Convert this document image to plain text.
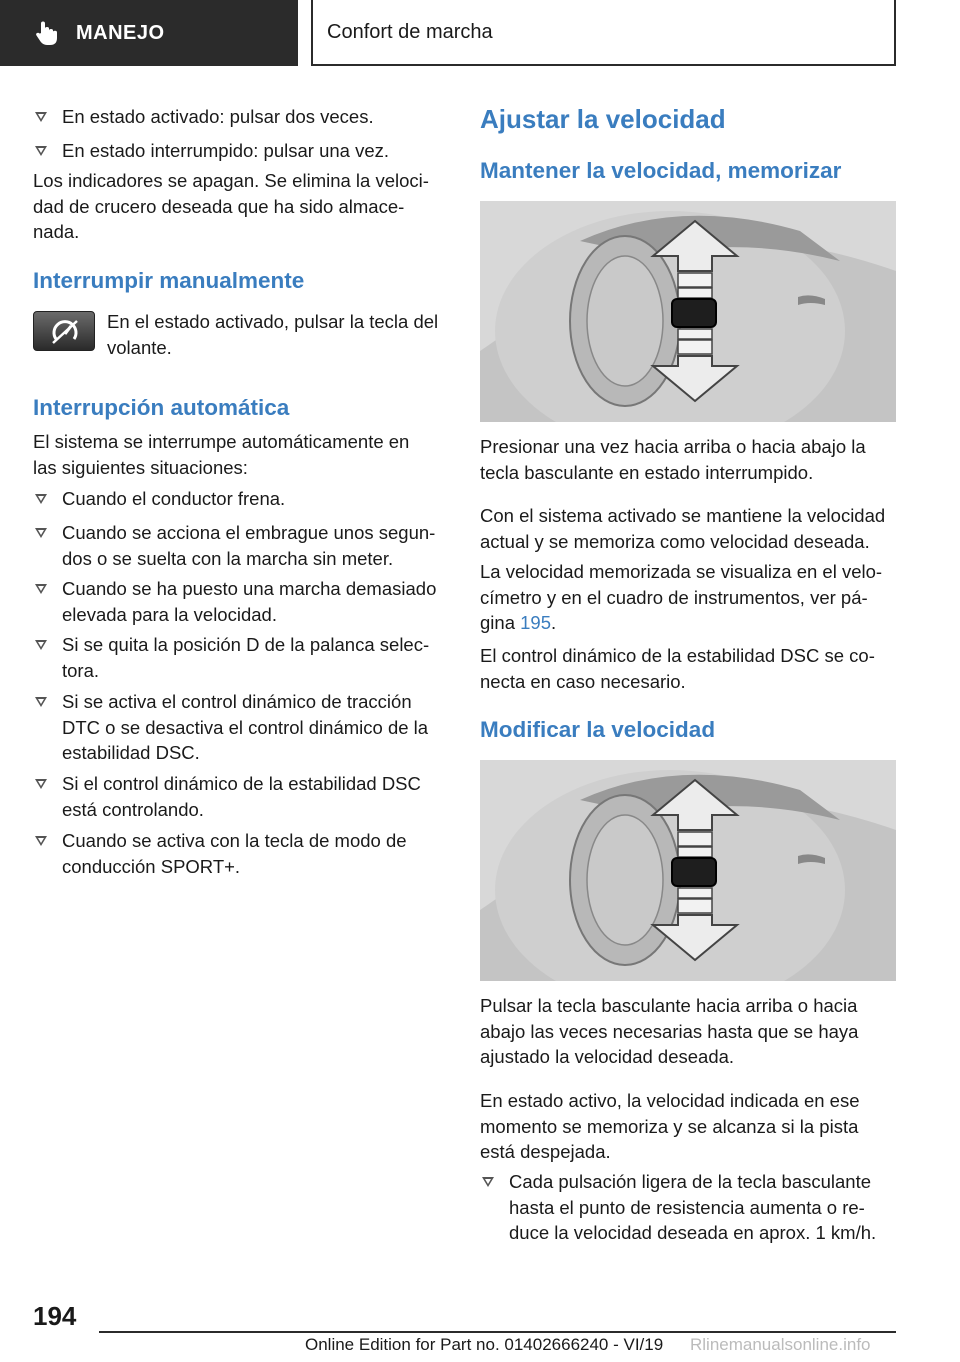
MANEJO	Confort de marcha
En estado activado: pulsar dos veces.
En estado interrumpido: pulsar una vez.
Los indicadores se apagan. Se elimina la veloci‐
dad de crucero deseada que ha sido almace‐
nada.
Interrumpir manualmente
En el estado activado, pulsar la tecla del
volante.
Interrupción automática
El sistema se interrumpe automáticamente en
las siguientes situaciones:
Cuando el conductor frena.
Cuando se acciona el embrague unos segun‐
dos o se suelta con la marcha sin meter.
Cuando se ha puesto una marcha demasiado
elevada para la velocidad.
Si se quita la posición D de la palanca selec‐
tora.
Si se activa el control dinámico de tracción
DTC o se desactiva el control dinámico de la
estabilidad DSC.
Si el control dinámico de la estabilidad DSC
está controlando.
Cuando se activa con la tecla de modo de
conducción SPORT+.
Ajustar la velocidad
Mantener la velocidad, memorizar
Presionar una vez hacia arriba o hacia abajo la
tecla basculante en estado interrumpido.
Con el sistema activado se mantiene la velocidad
actual y se memoriza como velocidad deseada.
La velocidad memorizada se visualiza en el velo‐
címetro y en el cuadro de instrumentos, ver pá‐
gina 195.
El control dinámico de la estabilidad DSC se co‐
necta en caso necesario.
Modificar la velocidad
Pulsar la tecla basculante hacia arriba o hacia
abajo las veces necesarias hasta que se haya
ajustado la velocidad deseada.
En estado activo, la velocidad indicada en ese
momento se memoriza y se alcanza si la pista
está despejada.
Cada pulsación ligera de la tecla basculante
hasta el punto de resistencia aumenta o re‐
duce la velocidad deseada en aprox. 1 km/h.
194
Online Edition for Part no. 01402666240 - VI/19 Rlinemanualsonline.info
